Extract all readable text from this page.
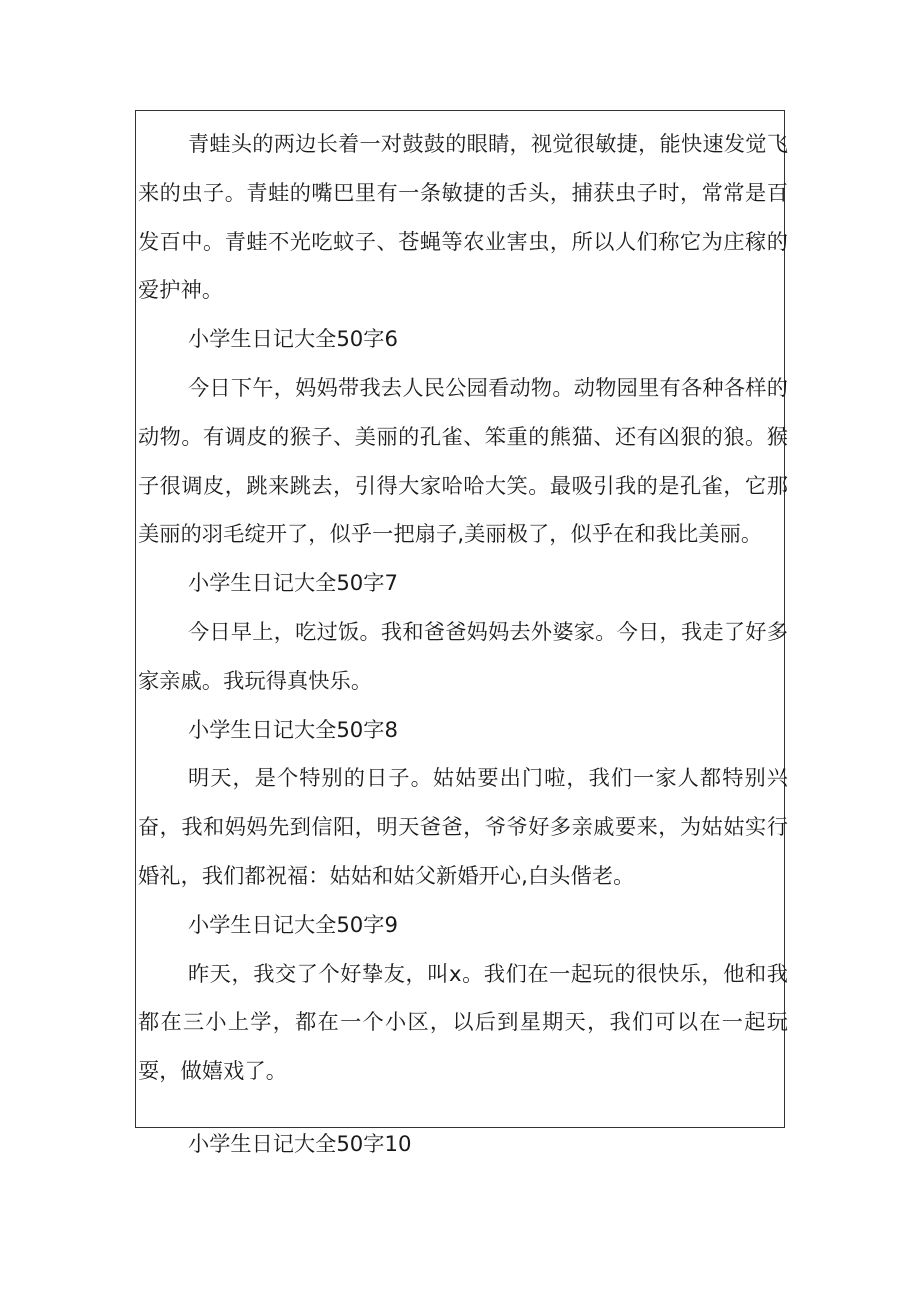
青蛙头的两边长着一对鼓鼓的眼睛，视觉很敏捷，能快速发觉飞来的虫子。青蛙的嘴巴里有一条敏捷的舌头，捕获虫子时，常常是百发百中。青蛙不光吃蚊子、苍蝇等农业害虫，所以人们称它为庄稼的爱护神。

小学生日记大全50字6

今日下午，妈妈带我去人民公园看动物。动物园里有各种各样的动物。有调皮的猴子、美丽的孔雀、笨重的熊猫、还有凶狠的狼。猴子很调皮，跳来跳去，引得大家哈哈大笑。最吸引我的是孔雀，它那美丽的羽毛绽开了，似乎一把扇子,美丽极了，似乎在和我比美丽。

小学生日记大全50字7

今日早上，吃过饭。我和爸爸妈妈去外婆家。今日，我走了好多家亲戚。我玩得真快乐。

小学生日记大全50字8

明天，是个特别的日子。姑姑要出门啦，我们一家人都特别兴奋，我和妈妈先到信阳，明天爸爸，爷爷好多亲戚要来，为姑姑实行婚礼，我们都祝福：姑姑和姑父新婚开心,白头偕老。

小学生日记大全50字9

昨天，我交了个好挚友，叫x。我们在一起玩的很快乐，他和我都在三小上学，都在一个小区，以后到星期天，我们可以在一起玩耍，做嬉戏了。

小学生日记大全50字10
